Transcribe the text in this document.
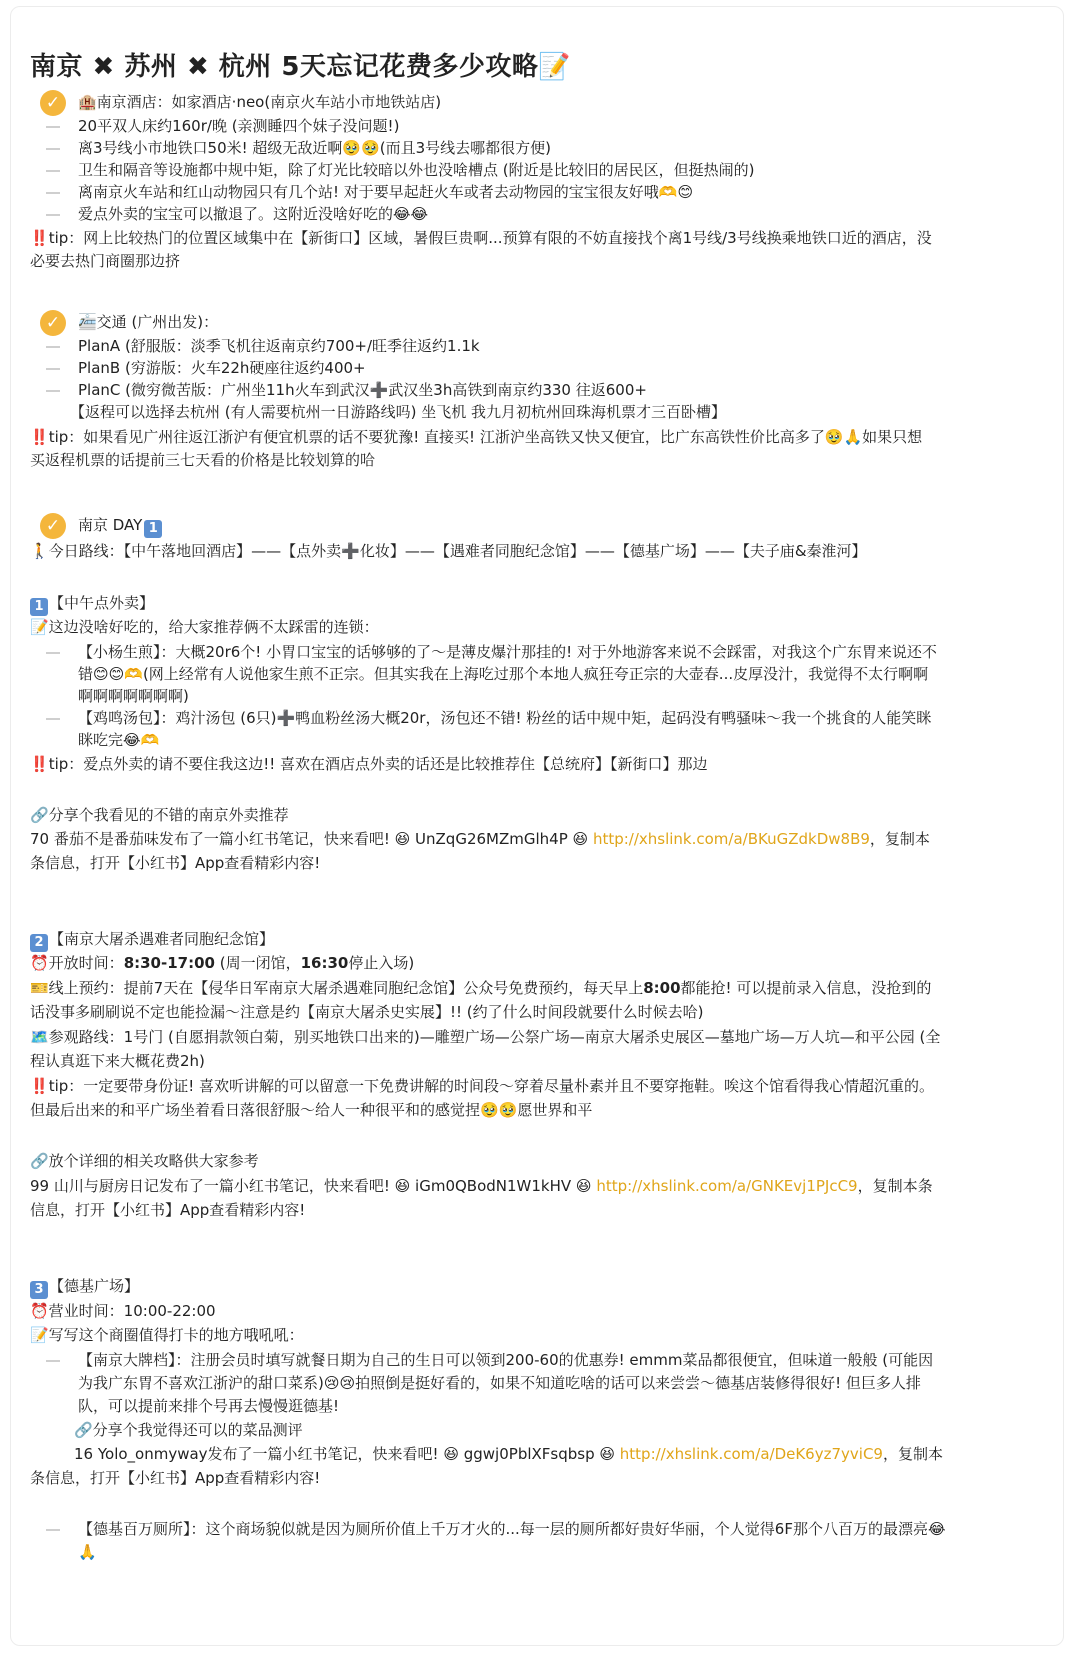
南京 ✖ 苏州 ✖ 杭州 5天忘记花费多少攻略📝
✓	🏨南京酒店：如家酒店·neo(南京火车站小市地铁站店)
20平双人床约160r/晚 (亲测睡四个妹子没问题!)
离3号线小市地铁口50米! 超级无敌近啊🥹🥹(而且3号线去哪都很方便)
卫生和隔音等设施都中规中矩，除了灯光比较暗以外也没啥槽点 (附近是比较旧的居民区，但挺热闹的)
离南京火车站和红山动物园只有几个站! 对于要早起赶火车或者去动物园的宝宝很友好哦🫶😊
爱点外卖的宝宝可以撤退了。这附近没啥好吃的😂😂
‼️tip：网上比较热门的位置区域集中在【新街口】区域，暑假巨贵啊...预算有限的不妨直接找个离1号线/3号线换乘地铁口近的酒店，没
必要去热门商圈那边挤
✓	🚈交通 (广州出发)：
PlanA (舒服版：淡季飞机往返南京约700+/旺季往返约1.1k
PlanB (穷游版：火车22h硬座往返约400+
PlanC (微穷微苦版：广州坐11h火车到武汉➕武汉坐3h高铁到南京约330 往返600+
【返程可以选择去杭州 (有人需要杭州一日游路线吗) 坐飞机 我九月初杭州回珠海机票才三百卧槽】
‼️tip：如果看见广州往返江浙沪有便宜机票的话不要犹豫! 直接买! 江浙沪坐高铁又快又便宜，比广东高铁性价比高多了🥹🙏如果只想
买返程机票的话提前三七天看的价格是比较划算的哈
✓	南京 DAY 1
🚶今日路线：【中午落地回酒店】——【点外卖➕化妆】——【遇难者同胞纪念馆】——【德基广场】——【夫子庙&秦淮河】
1 【中午点外卖】
📝这边没啥好吃的，给大家推荐俩不太踩雷的连锁：
【小杨生煎】：大概20r6个! 小胃口宝宝的话够够的了～是薄皮爆汁那挂的! 对于外地游客来说不会踩雷，对我这个广东胃来说还不
错😊😊🫶(网上经常有人说他家生煎不正宗。但其实我在上海吃过那个本地人疯狂夸正宗的大壶春...皮厚没汁，我觉得不太行啊啊
啊啊啊啊啊啊啊)
【鸡鸣汤包】：鸡汁汤包 (6只)➕鸭血粉丝汤大概20r，汤包还不错! 粉丝的话中规中矩，起码没有鸭骚味～我一个挑食的人能笑眯
眯吃完😂🫶
‼️tip：爱点外卖的请不要住我这边!! 喜欢在酒店点外卖的话还是比较推荐住【总统府】【新街口】那边
🔗分享个我看见的不错的南京外卖推荐
70 番茄不是番茄味发布了一篇小红书笔记，快来看吧! 😆 UnZqG26MZmGlh4P 😆 http://xhslink.com/a/BKuGZdkDw8B9，复制本
条信息，打开【小红书】App查看精彩内容!
2 【南京大屠杀遇难者同胞纪念馆】
⏰开放时间：8:30-17:00 (周一闭馆，16:30停止入场)
🎫线上预约：提前7天在【侵华日军南京大屠杀遇难同胞纪念馆】公众号免费预约，每天早上8:00都能抢! 可以提前录入信息，没抢到的
话没事多刷刷说不定也能捡漏～注意是约【南京大屠杀史实展】!! (约了什么时间段就要什么时候去哈)
🗺️参观路线：1号门 (自愿捐款领白菊，别买地铁口出来的)—雕塑广场—公祭广场—南京大屠杀史展区—墓地广场—万人坑—和平公园 (全
程认真逛下来大概花费2h)
‼️tip：一定要带身份证! 喜欢听讲解的可以留意一下免费讲解的时间段～穿着尽量朴素并且不要穿拖鞋。唉这个馆看得我心情超沉重的。
但最后出来的和平广场坐着看日落很舒服～给人一种很平和的感觉捏🥹🥹愿世界和平
🔗放个详细的相关攻略供大家参考
99 山川与厨房日记发布了一篇小红书笔记，快来看吧! 😆 iGm0QBodN1W1kHV 😆 http://xhslink.com/a/GNKEvj1PJcC9，复制本条
信息，打开【小红书】App查看精彩内容!
3 【德基广场】
⏰营业时间：10:00-22:00
📝写写这个商圈值得打卡的地方哦吼吼：
【南京大牌档】：注册会员时填写就餐日期为自己的生日可以领到200-60的优惠券! emmm菜品都很便宜，但味道一般般 (可能因
为我广东胃不喜欢江浙沪的甜口菜系)😢😢拍照倒是挺好看的，如果不知道吃啥的话可以来尝尝～德基店装修得很好! 但巨多人排
队，可以提前来排个号再去慢慢逛德基!
🔗分享个我觉得还可以的菜品测评
16 Yolo_onmyway发布了一篇小红书笔记，快来看吧! 😆 ggwj0PblXFsqbsp 😆 http://xhslink.com/a/DeK6yz7yviC9，复制本
条信息，打开【小红书】App查看精彩内容!
【德基百万厕所】：这个商场貌似就是因为厕所价值上千万才火的...每一层的厕所都好贵好华丽，个人觉得6F那个八百万的最漂亮😂
🙏
